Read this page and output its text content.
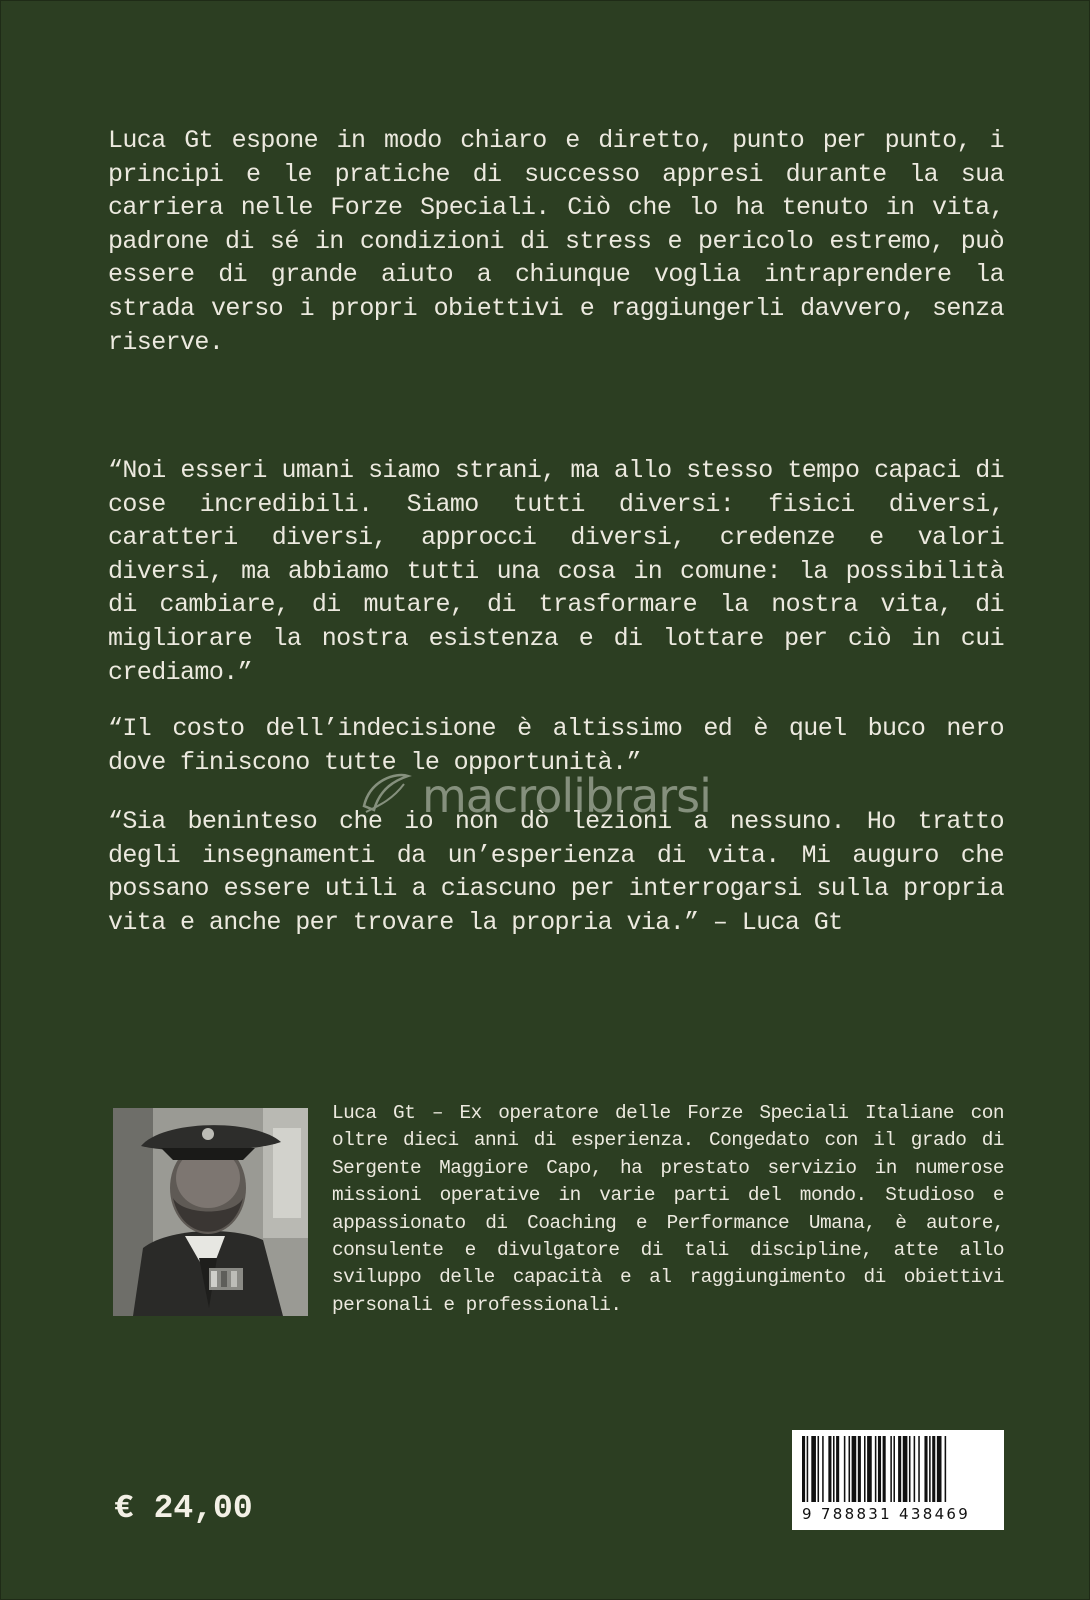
Luca Gt espone in modo chiaro e diretto, punto per punto, i principi e le pratiche di successo appresi durante la sua carriera nelle Forze Speciali. Ciò che lo ha tenuto in vita, padrone di sé in condizioni di stress e pericolo estremo, può essere di grande aiuto a chiunque voglia intraprendere la strada verso i propri obiettivi e raggiungerli davvero, senza riserve.
“Noi esseri umani siamo strani, ma allo stesso tempo capaci di cose incredibili. Siamo tutti diversi: fisici diversi, caratteri diversi, approcci diversi, credenze e valori diversi, ma abbiamo tutti una cosa in comune: la possibilità di cambiare, di mutare, di trasformare la nostra vita, di migliorare la nostra esistenza e di lottare per ciò in cui crediamo.”
“Il costo dell’indecisione è altissimo ed è quel buco nero dove finiscono tutte le opportunità.”
“Sia beninteso che io non dò lezioni a nessuno. Ho tratto degli insegnamenti da un’esperienza di vita. Mi auguro che possano essere utili a ciascuno per interrogarsi sulla propria vita e anche per trovare la propria via.” – Luca Gt
macrolibrarsi
Luca Gt – Ex operatore delle Forze Speciali Italiane con oltre dieci anni di esperienza. Congedato con il grado di Sergente Maggiore Capo, ha prestato servizio in numerose missioni operative in varie parti del mondo. Studioso e appassionato di Coaching e Performance Umana, è autore, consulente e divulgatore di tali discipline, atte allo sviluppo delle capacità e al raggiungimento di obiettivi personali e professionali.
€ 24,00	9 788831 438469
